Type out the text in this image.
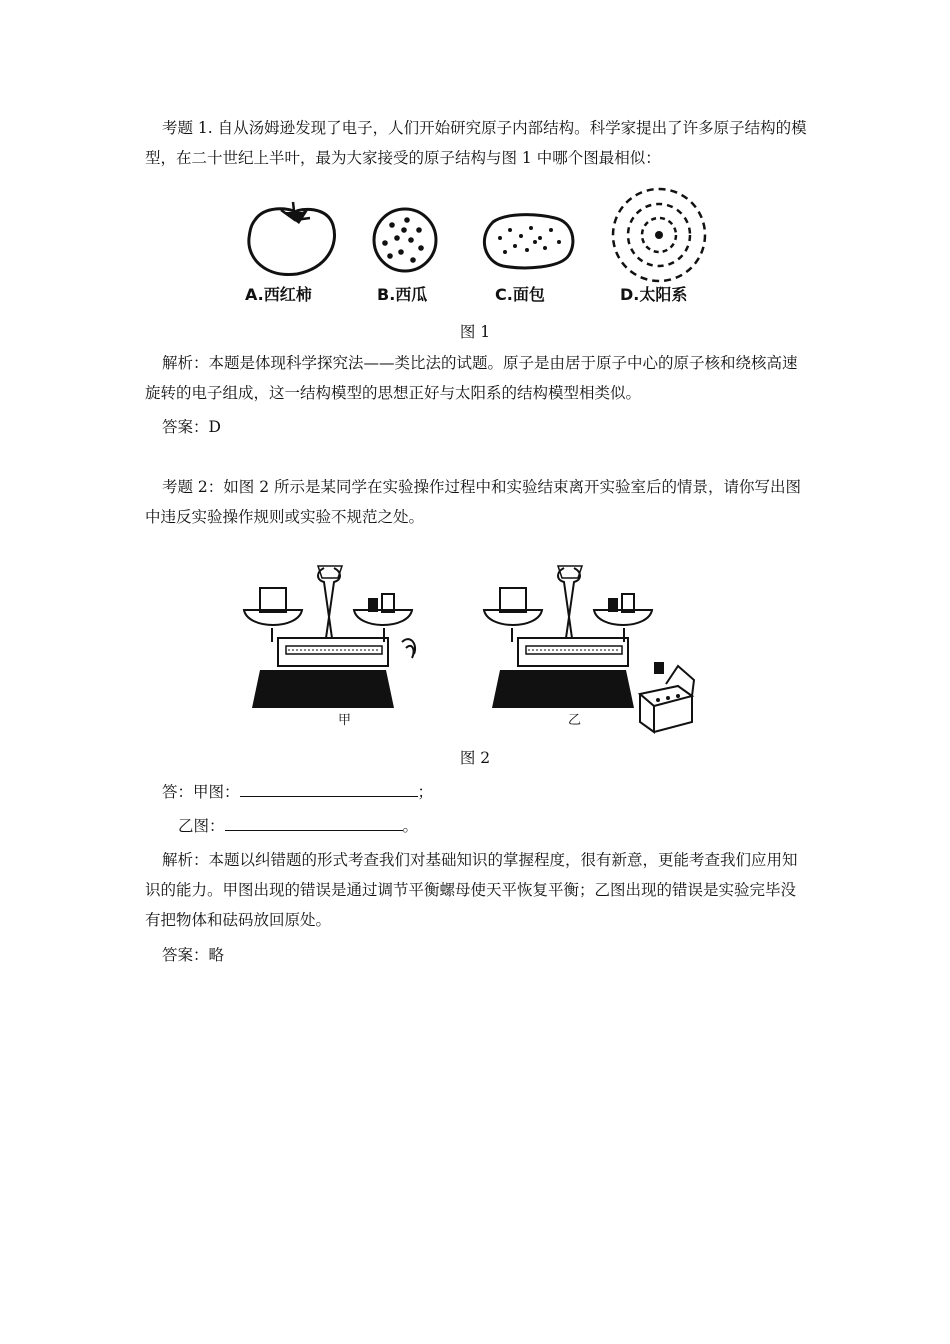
考题 1. 自从汤姆逊发现了电子，人们开始研究原子内部结构。科学家提出了许多原子结构的模型，在二十世纪上半叶，最为大家接受的原子结构与图 1 中哪个图最相似：

A.西红柿	B.西瓜	C.面包	D.太阳系
图 1

解析：本题是体现科学探究法——类比法的试题。原子是由居于原子中心的原子核和绕核高速旋转的电子组成，这一结构模型的思想正好与太阳系的结构模型相类似。

答案：D

考题 2：如图 2 所示是某同学在实验操作过程中和实验结束离开实验室后的情景，请你写出图中违反实验操作规则或实验不规范之处。

甲	乙
图 2

答：甲图：	；

乙图：	。

解析：本题以纠错题的形式考查我们对基础知识的掌握程度，很有新意，更能考查我们应用知识的能力。甲图出现的错误是通过调节平衡螺母使天平恢复平衡；乙图出现的错误是实验完毕没有把物体和砝码放回原处。

答案：略
